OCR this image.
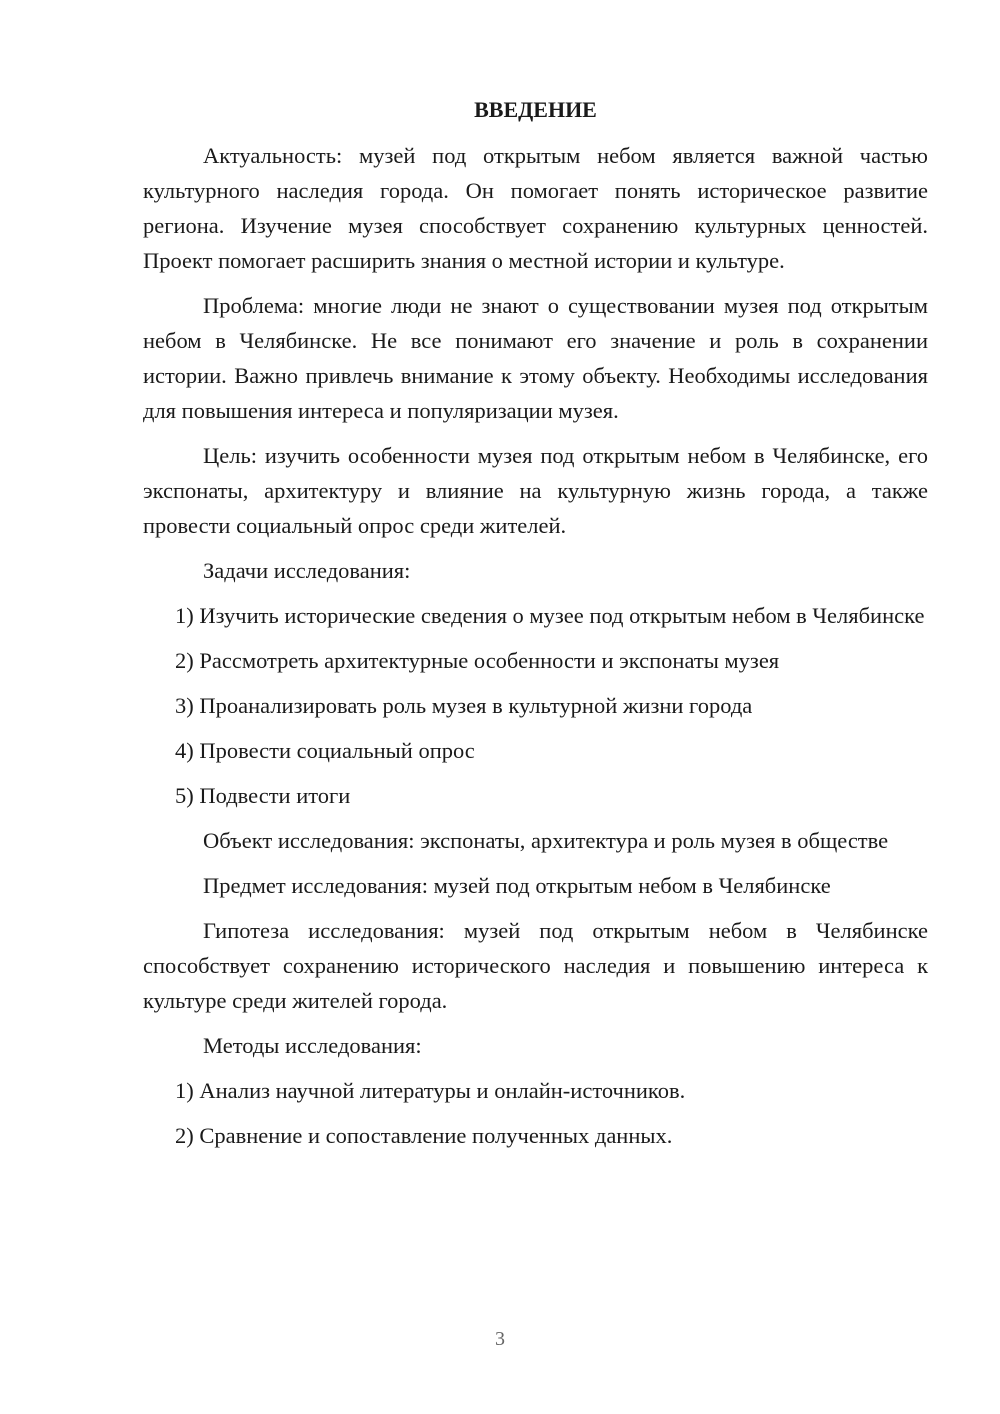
ВВЕДЕНИЕ

Актуальность: музей под открытым небом является важной частью культурного наследия города. Он помогает понять историческое развитие региона. Изучение музея способствует сохранению культурных ценностей. Проект помогает расширить знания о местной истории и культуре.

Проблема: многие люди не знают о существовании музея под открытым небом в Челябинске. Не все понимают его значение и роль в сохранении истории. Важно привлечь внимание к этому объекту. Необходимы исследования для повышения интереса и популяризации музея.

Цель: изучить особенности музея под открытым небом в Челябинске, его экспонаты, архитектуру и влияние на культурную жизнь города, а также провести социальный опрос среди жителей.

Задачи исследования:

1) Изучить исторические сведения о музее под открытым небом в Челябинске

2) Рассмотреть архитектурные особенности и экспонаты музея

3) Проанализировать роль музея в культурной жизни города

4) Провести социальный опрос

5) Подвести итоги

Объект исследования: экспонаты, архитектура и роль музея в обществе

Предмет исследования: музей под открытым небом в Челябинске

Гипотеза исследования: музей под открытым небом в Челябинске способствует сохранению исторического наследия и повышению интереса к культуре среди жителей города.

Методы исследования:

1) Анализ научной литературы и онлайн-источников.

2) Сравнение и сопоставление полученных данных.

3
